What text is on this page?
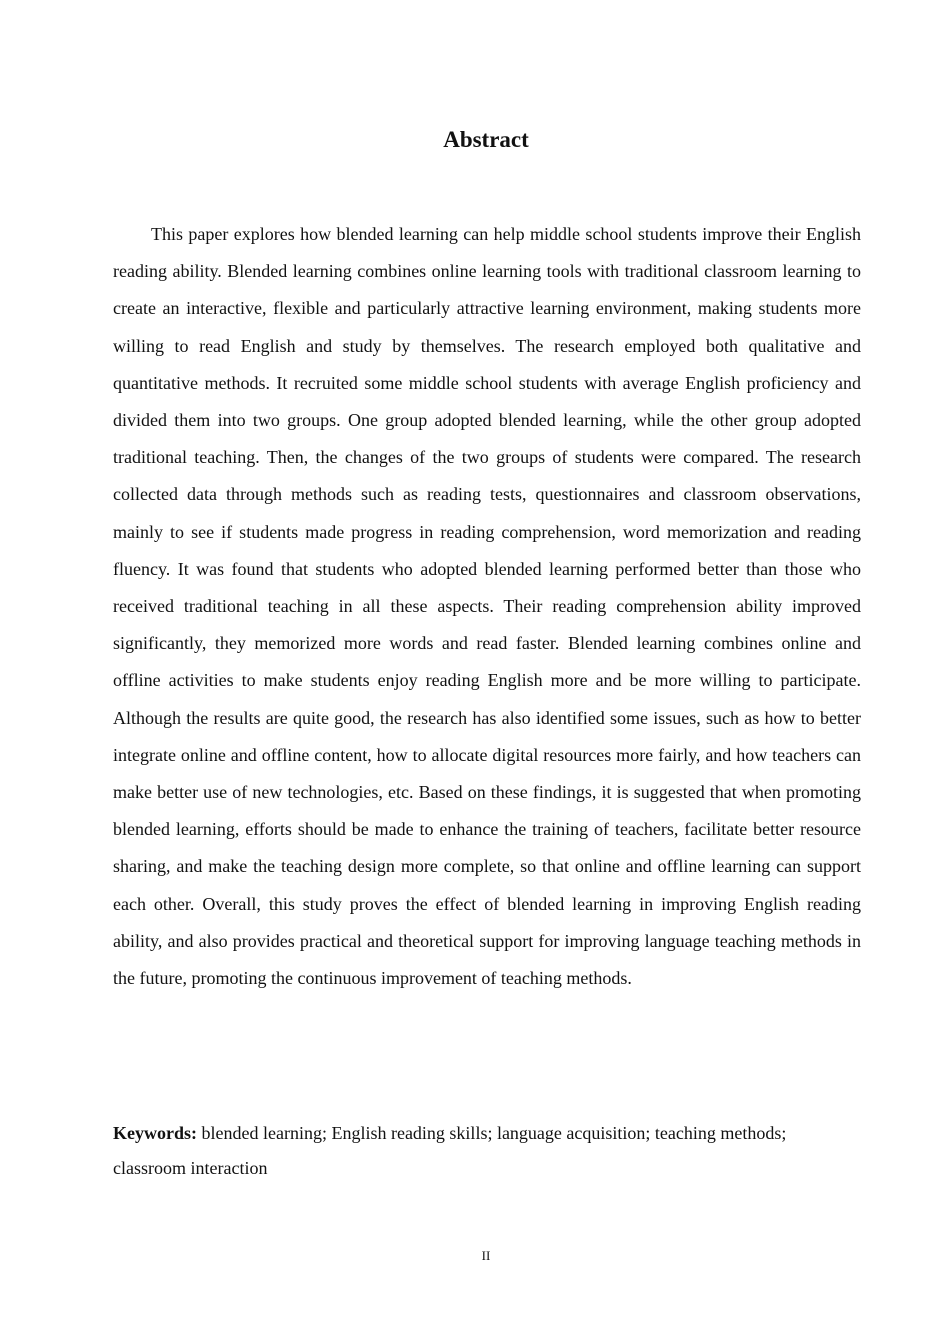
Abstract

This paper explores how blended learning can help middle school students improve their English reading ability. Blended learning combines online learning tools with traditional classroom learning to create an interactive, flexible and particularly attractive learning environment, making students more willing to read English and study by themselves. The research employed both qualitative and quantitative methods. It recruited some middle school students with average English proficiency and divided them into two groups. One group adopted blended learning, while the other group adopted traditional teaching. Then, the changes of the two groups of students were compared. The research collected data through methods such as reading tests, questionnaires and classroom observations, mainly to see if students made progress in reading comprehension, word memorization and reading fluency. It was found that students who adopted blended learning performed better than those who received traditional teaching in all these aspects. Their reading comprehension ability improved significantly, they memorized more words and read faster. Blended learning combines online and offline activities to make students enjoy reading English more and be more willing to participate. Although the results are quite good, the research has also identified some issues, such as how to better integrate online and offline content, how to allocate digital resources more fairly, and how teachers can make better use of new technologies, etc. Based on these findings, it is suggested that when promoting blended learning, efforts should be made to enhance the training of teachers, facilitate better resource sharing, and make the teaching design more complete, so that online and offline learning can support each other. Overall, this study proves the effect of blended learning in improving English reading ability, and also provides practical and theoretical support for improving language teaching methods in the future, promoting the continuous improvement of teaching methods.

Keywords: blended learning; English reading skills; language acquisition; teaching methods; classroom interaction

II
